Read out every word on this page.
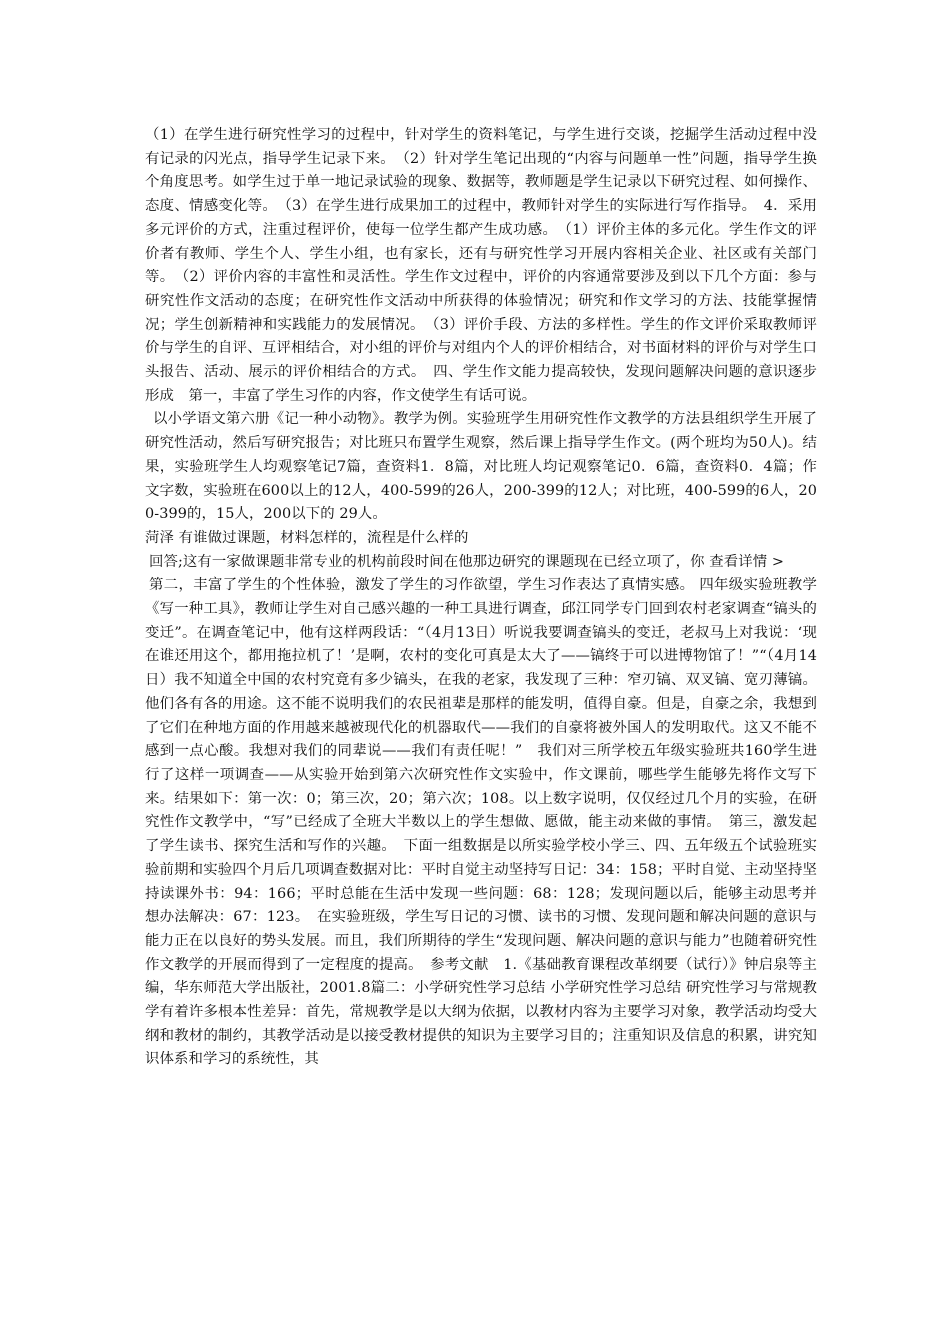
（1）在学生进行研究性学习的过程中，针对学生的资料笔记，与学生进行交谈，挖掘学生活动过程中没有记录的闪光点，指导学生记录下来。　（2）针对学生笔记出现的“内容与问题单一性”问题，指导学生换个角度思考。如学生过于单一地记录试验的现象、数据等，教师题是学生记录以下研究过程、如何操作、态度、情感变化等。　（3）在学生进行成果加工的过程中，教师针对学生的实际进行写作指导。　4．采用多元评价的方式，注重过程评价，使每一位学生都产生成功感。　（1）评价主体的多元化。学生作文的评价者有教师、学生个人、学生小组，也有家长，还有与研究性学习开展内容相关企业、社区或有关部门等。　（2）评价内容的丰富性和灵活性。学生作文过程中，评价的内容通常要涉及到以下几个方面：参与研究性作文活动的态度；在研究性作文活动中所获得的体验情况；研究和作文学习的方法、技能掌握情况；学生创新精神和实践能力的发展情况。　（3）评价手段、方法的多样性。学生的作文评价采取教师评价与学生的自评、互评相结合，对小组的评价与对组内个人的评价相结合，对书面材料的评价与对学生口头报告、活动、展示的评价相结合的方式。　四、学生作文能力提高较快，发现问题解决问题的意识逐步形成　第一，丰富了学生习作的内容，作文使学生有话可说。

以小学语文第六册《记一种小动物》。教学为例。实验班学生用研究性作文教学的方法县组织学生开展了研究性活动，然后写研究报告；对比班只布置学生观察，然后课上指导学生作文。(两个班均为50人)。结果，实验班学生人均观察笔记7篇，查资料1．8篇，对比班人均记观察笔记0．6篇，查资料0．4篇；作文字数，实验班在600以上的12人，400-599的26人，200-399的12人；对比班，400-599的6人，200-399的，15人，200以下的 29人。

菏泽 有谁做过课题，材料怎样的，流程是什么样的

回答;这有一家做课题非常专业的机构前段时间在他那边研究的课题现在已经立项了，你 查看详情 >

第二，丰富了学生的个性体验，激发了学生的习作欲望，学生习作表达了真情实感。 四年级实验班教学《写一种工具》，教师让学生对自己感兴趣的一种工具进行调查，邱江同学专门回到农村老家调查“镐头的变迁”。在调查笔记中，他有这样两段话：“（4月13日）听说我要调查镐头的变迁，老叔马上对我说：‘现在谁还用这个，都用拖拉机了！’是啊，农村的变化可真是太大了——镐终于可以进博物馆了！”“（4月14日）我不知道全中国的农村究竟有多少镐头，在我的老家，我发现了三种：窄刃镐、双叉镐、宽刃薄镐。他们各有各的用途。这不能不说明我们的农民祖辈是那样的能发明，值得自豪。但是，自豪之余，我想到了它们在种地方面的作用越来越被现代化的机器取代——我们的自豪将被外国人的发明取代。这又不能不感到一点心酸。我想对我们的同辈说——我们有责任呢！”　我们对三所学校五年级实验班共160学生进行了这样一项调查——从实验开始到第六次研究性作文实验中，作文课前，哪些学生能够先将作文写下来。结果如下：第一次：0；第三次，20；第六次；108。以上数字说明，仅仅经过几个月的实验，在研究性作文教学中，“写”已经成了全班大半数以上的学生想做、愿做，能主动来做的事情。　第三，激发起了学生读书、探究生活和写作的兴趣。　下面一组数据是以所实验学校小学三、四、五年级五个试验班实验前期和实验四个月后几项调查数据对比：平时自觉主动坚持写日记：34：158；平时自觉、主动坚持坚持读课外书：94：166；平时总能在生活中发现一些问题：68：128；发现问题以后，能够主动思考并想办法解决：67：123。　在实验班级，学生写日记的习惯、读书的习惯、发现问题和解决问题的意识与能力正在以良好的势头发展。而且，我们所期待的学生“发现问题、解决问题的意识与能力”也随着研究性作文教学的开展而得到了一定程度的提高。　参考文献　1.《基础教育课程改革纲要（试行）》钟启泉等主编，华东师范大学出版社，2001.8篇二：小学研究性学习总结 小学研究性学习总结 研究性学习与常规教学有着许多根本性差异：首先，常规教学是以大纲为依据，以教材内容为主要学习对象，教学活动均受大纲和教材的制约，其教学活动是以接受教材提供的知识为主要学习目的；注重知识及信息的积累，讲究知识体系和学习的系统性，其
